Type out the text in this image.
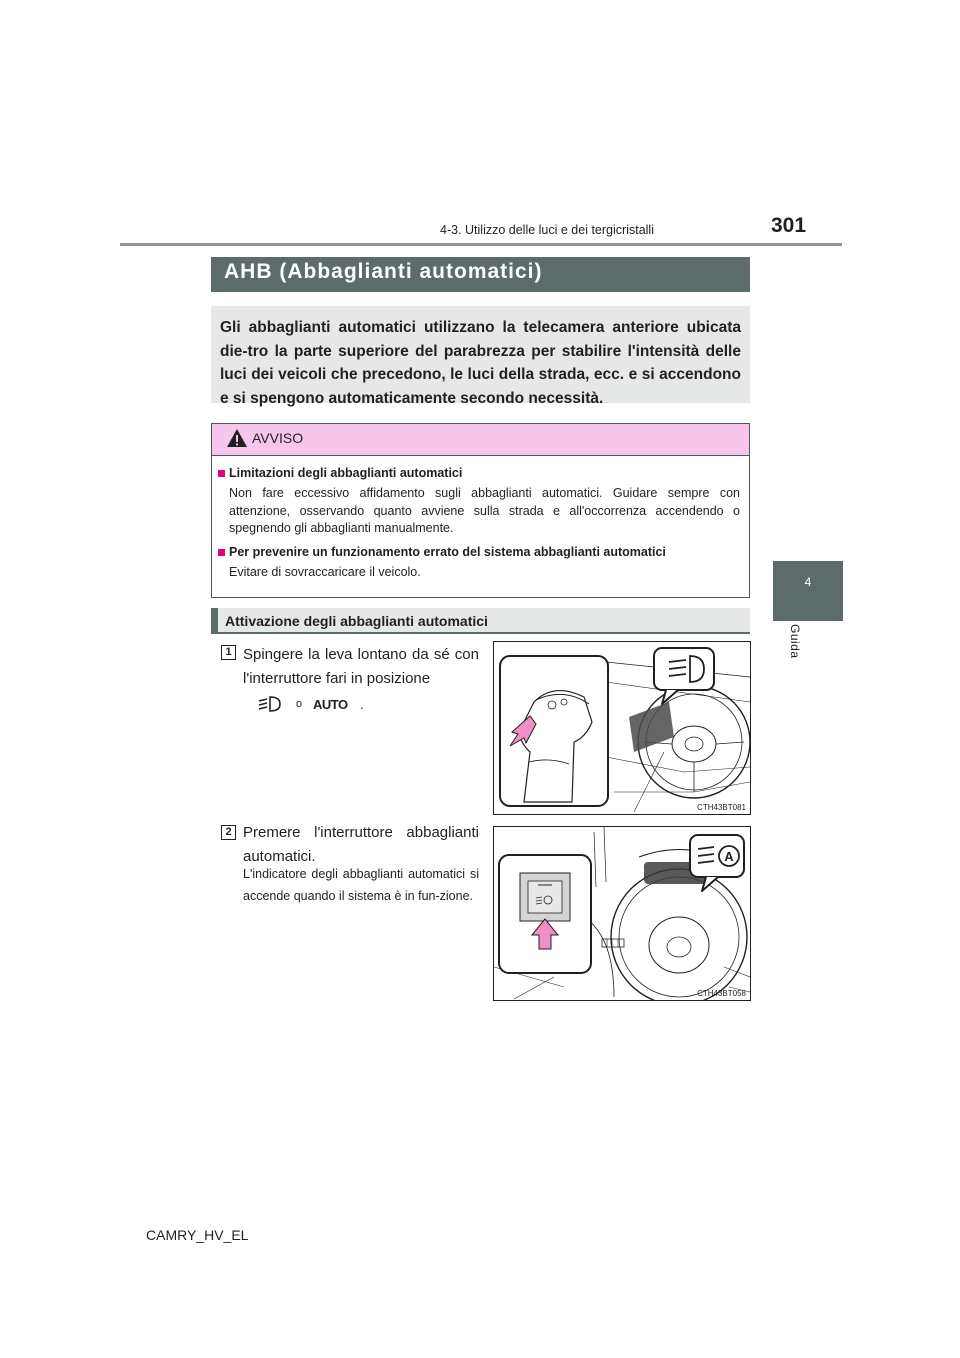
4-3. Utilizzo delle luci e dei tergicristalli	301
4
Guida
AHB (Abbaglianti automatici)
Gli abbaglianti automatici utilizzano la telecamera anteriore ubicata die-tro la parte superiore del parabrezza per stabilire l'intensità delle luci dei veicoli che precedono, le luci della strada, ecc. e si accendono e si spengono automaticamente secondo necessità.
AVVISO
Limitazioni degli abbaglianti automatici
Non fare eccessivo affidamento sugli abbaglianti automatici. Guidare sempre con attenzione, osservando quanto avviene sulla strada e all'occorrenza accendendo o spegnendo gli abbaglianti manualmente.
Per prevenire un funzionamento errato del sistema abbaglianti automatici
Evitare di sovraccaricare il veicolo.
Attivazione degli abbaglianti automatici
1 Spingere la leva lontano da sé con l'interruttore fari in posizione
o AUTO .
CTH43BT081
2 Premere l'interruttore abbaglianti automatici.
L'indicatore degli abbaglianti automatici si accende quando il sistema è in fun-zione.
A
CTH43BT058
CAMRY_HV_EL
